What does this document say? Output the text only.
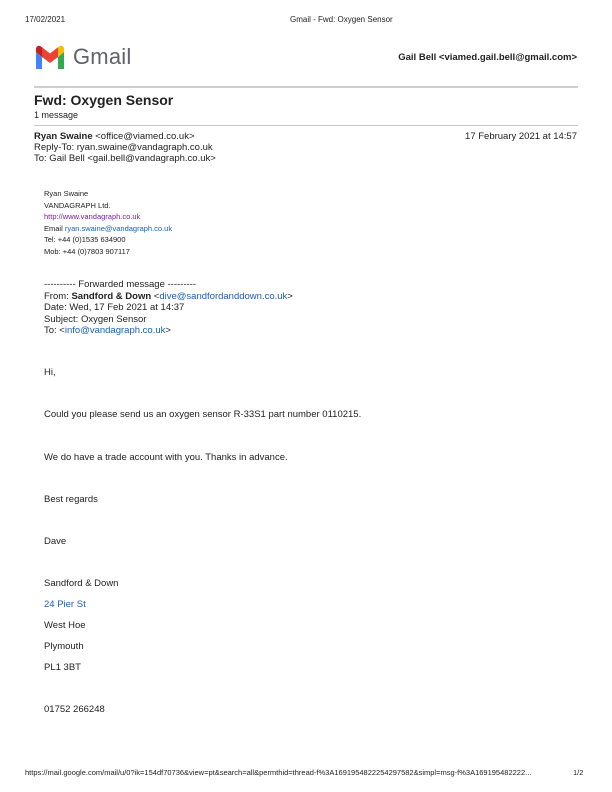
17/02/2021	Gmail - Fwd: Oxygen Sensor
Gmail	Gail Bell <viamed.gail.bell@gmail.com>
Fwd: Oxygen Sensor
1 message
Ryan Swaine <office@viamed.co.uk>	17 February 2021 at 14:57
Reply-To: ryan.swaine@vandagraph.co.uk
To: Gail Bell <gail.bell@vandagraph.co.uk>
Ryan Swaine
VANDAGRAPH Ltd.
http://www.vandagraph.co.uk
Email ryan.swaine@vandagraph.co.uk
Tel: +44 (0)1535 634900
Mob: +44 (0)7803 907117
---------- Forwarded message ---------
From: Sandford & Down <dive@sandfordanddown.co.uk>
Date: Wed, 17 Feb 2021 at 14:37
Subject: Oxygen Sensor
To: <info@vandagraph.co.uk>
Hi,
Could you please send us an oxygen sensor R-33S1 part number 0110215.
We do have a trade account with you. Thanks in advance.
Best regards
Dave
Sandford & Down
24 Pier St
West Hoe
Plymouth
PL1 3BT
01752 266248
https://mail.google.com/mail/u/0?ik=154df70736&view=pt&search=all&permthid=thread-f%3A1691954822254297582&simpl=msg-f%3A169195482222...	1/2
